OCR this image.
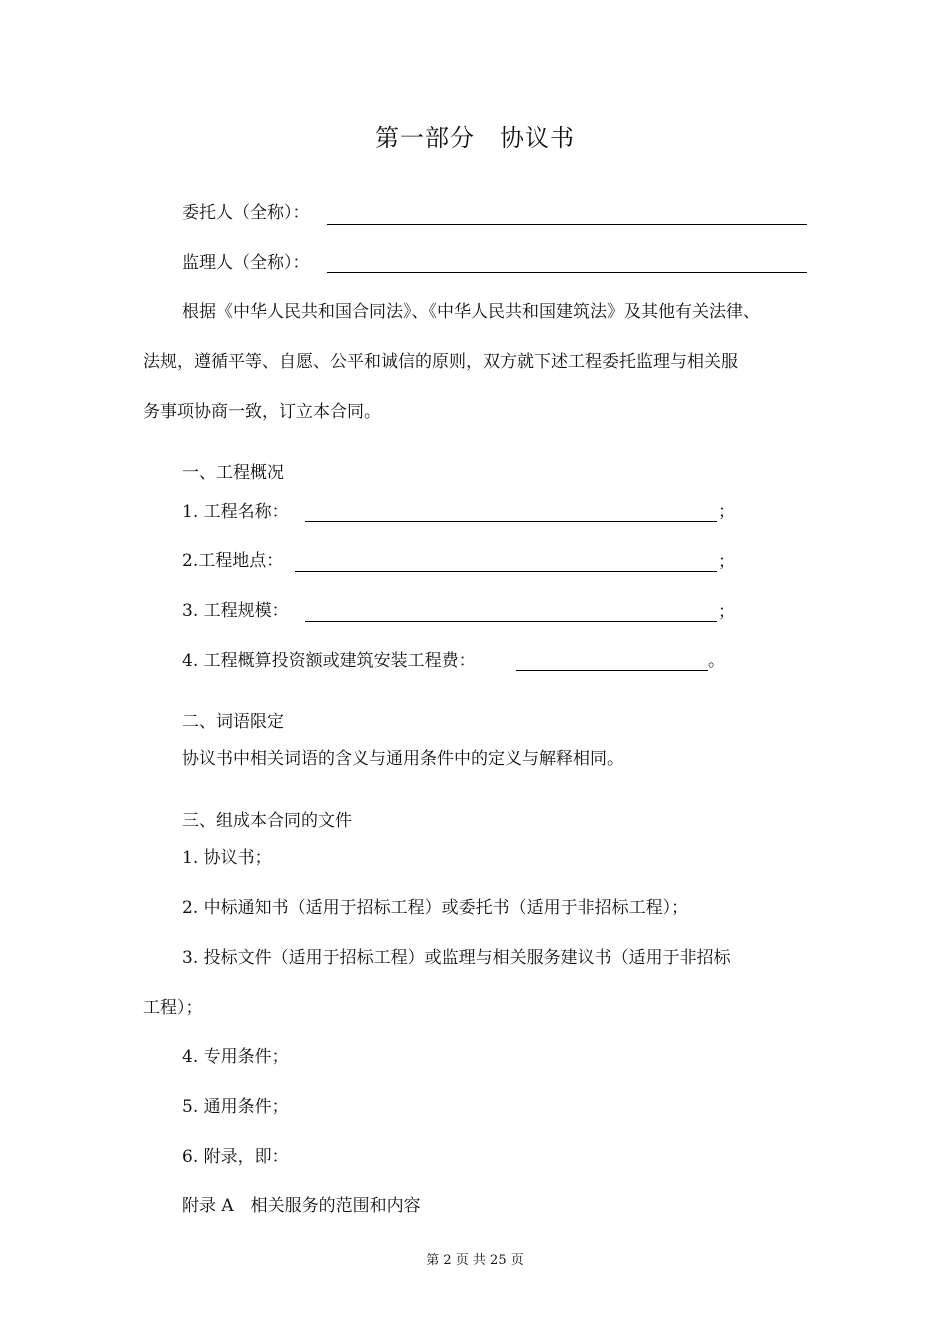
第一部分　协议书
委托人（全称）：
监理人（全称）：
根据《中华人民共和国合同法》、《中华人民共和国建筑法》及其他有关法律、
法规，遵循平等、自愿、公平和诚信的原则，双方就下述工程委托监理与相关服
务事项协商一致，订立本合同。
一、工程概况
1. 工程名称：	；
2.工程地点：	；
3. 工程规模：	；
4. 工程概算投资额或建筑安装工程费：	。
二、词语限定
协议书中相关词语的含义与通用条件中的定义与解释相同。
三、组成本合同的文件
1. 协议书；
2. 中标通知书（适用于招标工程）或委托书（适用于非招标工程）；
3. 投标文件（适用于招标工程）或监理与相关服务建议书（适用于非招标
工程）；
4. 专用条件；
5. 通用条件；
6. 附录，即：
附录 A　相关服务的范围和内容
第 2 页 共 25 页
